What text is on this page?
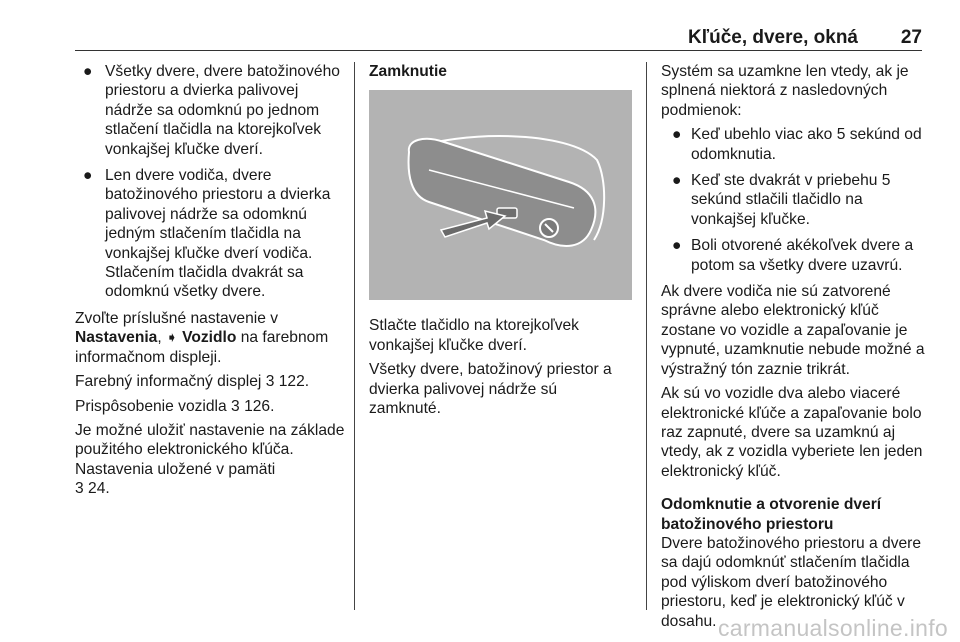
Kľúče, dvere, okná 27
● Všetky dvere, dvere batožinového priestoru a dvierka palivovej nádrže sa odomknú po jednom stlačení tlačidla na ktorejkoľvek vonkajšej kľučke dverí.
● Len dvere vodiča, dvere batožinového priestoru a dvierka palivovej nádrže sa odomknú jedným stlačením tlačidla na vonkajšej kľučke dverí vodiča. Stlačením tlačidla dvakrát sa odomknú všetky dvere.

Zvoľte príslušné nastavenie v Nastavenia, ➧ Vozidlo na farebnom informačnom displeji.

Farebný informačný displej 3 122.

Prispôsobenie vozidla 3 126.

Je možné uložiť nastavenie na základe použitého elektronického kľúča. Nastavenia uložené v pamäti
3 24.

Zamknutie

Stlačte tlačidlo na ktorejkoľvek vonkajšej kľučke dverí.

Všetky dvere, batožinový priestor a dvierka palivovej nádrže sú zamknuté.

Systém sa uzamkne len vtedy, ak je splnená niektorá z nasledovných podmienok:

● Keď ubehlo viac ako 5 sekúnd od odomknutia.
● Keď ste dvakrát v priebehu 5 sekúnd stlačili tlačidlo na vonkajšej kľučke.
● Boli otvorené akékoľvek dvere a potom sa všetky dvere uzavrú.

Ak dvere vodiča nie sú zatvorené správne alebo elektronický kľúč zostane vo vozidle a zapaľovanie je vypnuté, uzamknutie nebude možné a výstražný tón zaznie trikrát.

Ak sú vo vozidle dva alebo viaceré elektronické kľúče a zapaľovanie bolo raz zapnuté, dvere sa uzamknú aj vtedy, ak z vozidla vyberiete len jeden elektronický kľúč.

Odomknutie a otvorenie dverí batožinového priestoru

Dvere batožinového priestoru a dvere sa dajú odomknúť stlačením tlačidla pod výliskom dverí batožinového priestoru, keď je elektronický kľúč v dosahu. carmanualsonline.info
